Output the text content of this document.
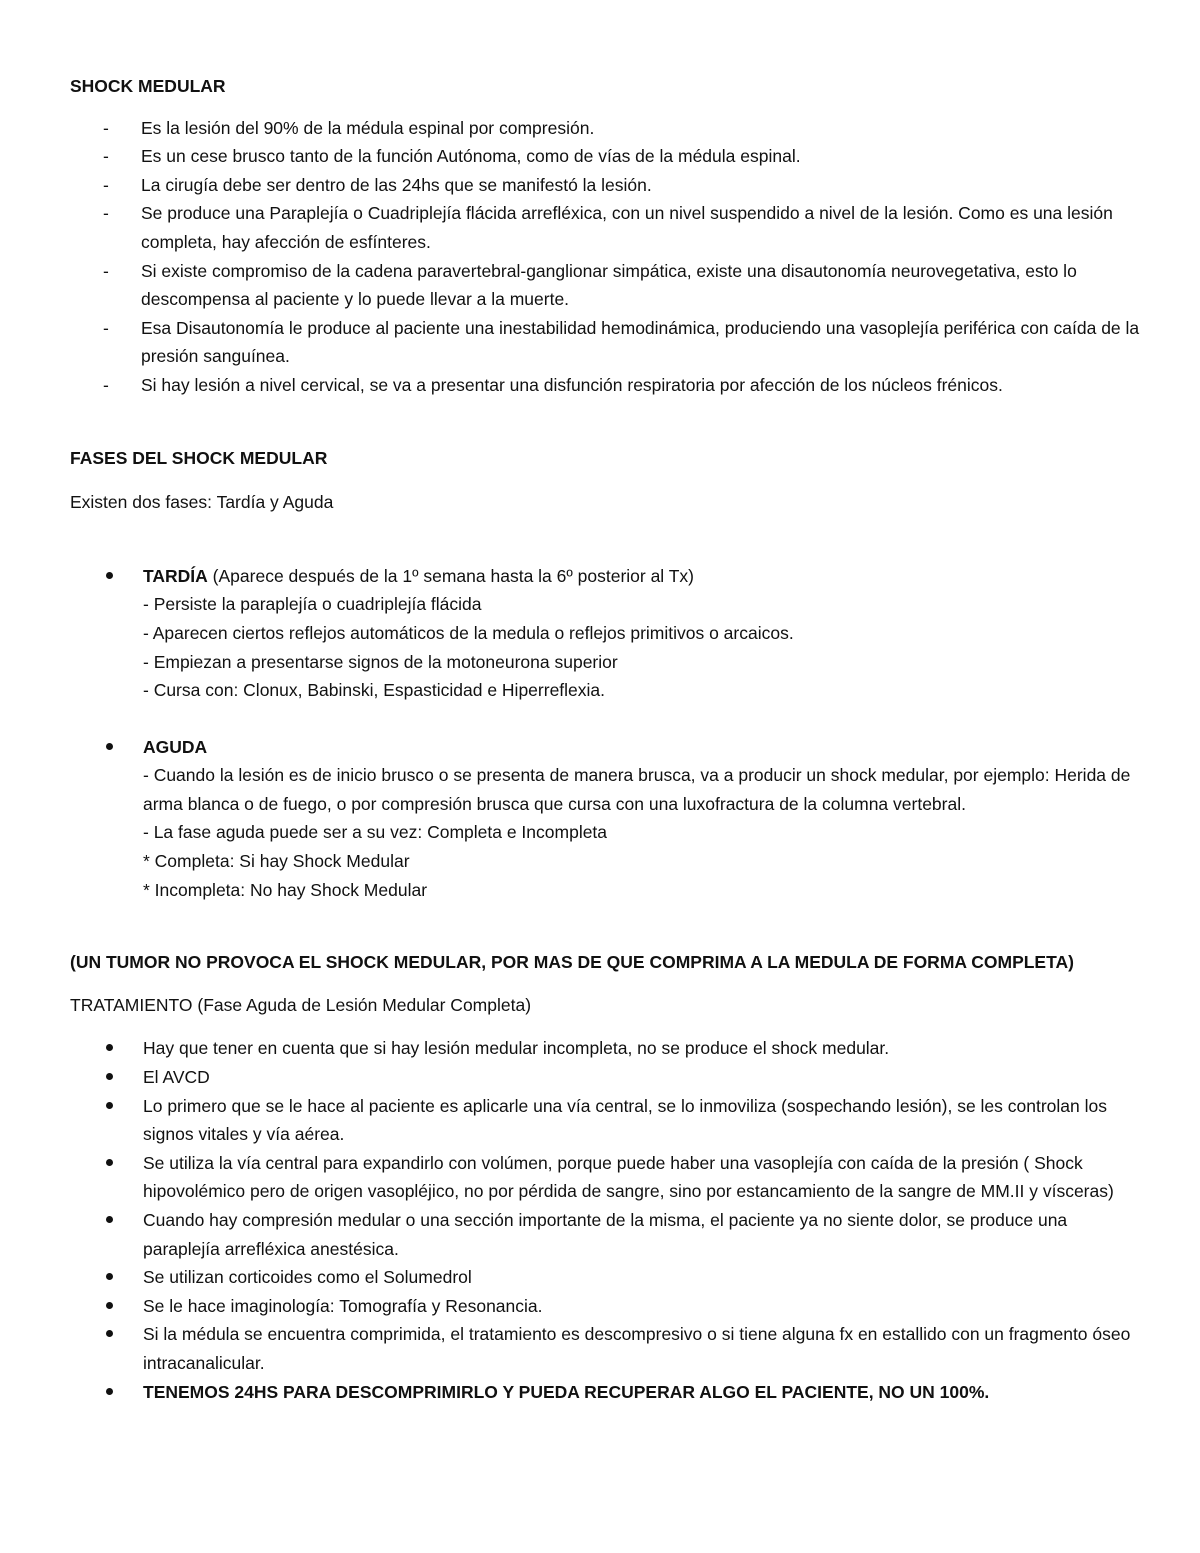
SHOCK MEDULAR

- Es la lesión del 90% de la médula espinal por compresión.
- Es un cese brusco tanto de la función Autónoma, como de vías de la médula espinal.
- La cirugía debe ser dentro de las 24hs que se manifestó la lesión.
- Se produce una Paraplejía o Cuadriplejía flácida arrefléxica, con un nivel suspendido a nivel de la lesión. Como es una lesión completa, hay afección de esfínteres.
- Si existe compromiso de la cadena paravertebral-ganglionar simpática, existe una disautonomía neurovegetativa, esto lo descompensa al paciente y lo puede llevar a la muerte.
- Esa Disautonomía le produce al paciente una inestabilidad hemodinámica, produciendo una vasoplejía periférica con caída de la presión sanguínea.
- Si hay lesión a nivel cervical, se va a presentar una disfunción respiratoria por afección de los núcleos frénicos.

FASES DEL SHOCK MEDULAR

Existen dos fases: Tardía y Aguda

TARDÍA (Aparece después de la 1º semana hasta la 6º posterior al Tx)
- Persiste la paraplejía o cuadriplejía flácida
- Aparecen ciertos reflejos automáticos de la medula o reflejos primitivos o arcaicos.
- Empiezan a presentarse signos de la motoneurona superior
- Cursa con: Clonux, Babinski, Espasticidad e Hiperreflexia.
AGUDA
- Cuando la lesión es de inicio brusco o se presenta de manera brusca, va a producir un shock medular, por ejemplo: Herida de arma blanca o de fuego, o por compresión brusca que cursa con una luxofractura de la columna vertebral.
- La fase aguda puede ser a su vez: Completa e Incompleta
* Completa: Si hay Shock Medular
* Incompleta: No hay Shock Medular

(UN TUMOR NO PROVOCA EL SHOCK MEDULAR, POR MAS DE QUE COMPRIMA A LA MEDULA DE FORMA COMPLETA)

TRATAMIENTO (Fase Aguda de Lesión Medular Completa)

Hay que tener en cuenta que si hay lesión medular incompleta, no se produce el shock medular.
El AVCD
Lo primero que se le hace al paciente es aplicarle una vía central, se lo inmoviliza (sospechando lesión), se les controlan los signos vitales y vía aérea.
Se utiliza la vía central para expandirlo con volúmen, porque puede haber una vasoplejía con caída de la presión ( Shock hipovolémico pero de origen vasopléjico, no por pérdida de sangre, sino por estancamiento de la sangre de MM.II y vísceras)
Cuando hay compresión medular o una sección importante de la misma, el paciente ya no siente dolor, se produce una paraplejía arrefléxica anestésica.
Se utilizan corticoides como el Solumedrol
Se le hace imaginología: Tomografía y Resonancia.
Si la médula se encuentra comprimida, el tratamiento es descompresivo o si tiene alguna fx en estallido con un fragmento óseo intracanalicular.
TENEMOS 24HS PARA DESCOMPRIMIRLO Y PUEDA RECUPERAR ALGO EL PACIENTE, NO UN 100%.
